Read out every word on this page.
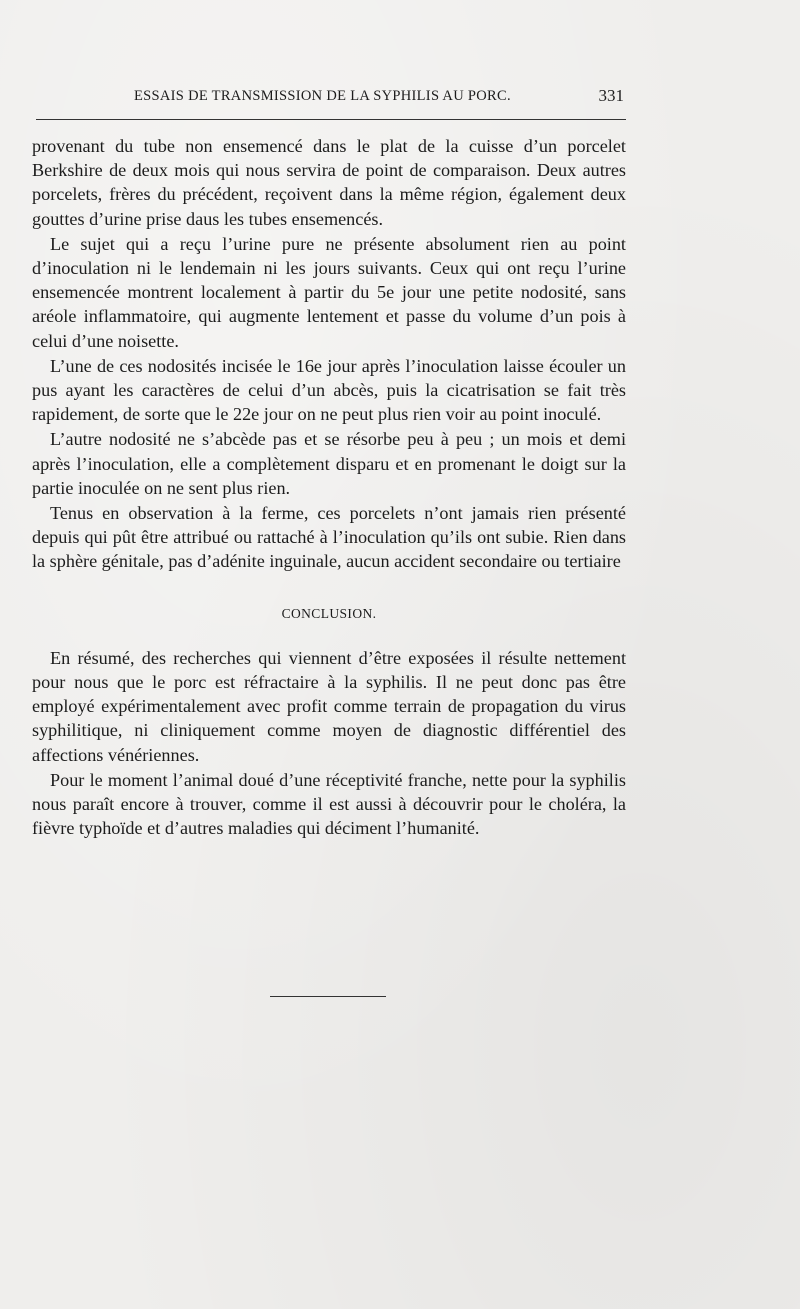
ESSAIS DE TRANSMISSION DE LA SYPHILIS AU PORC.	331

provenant du tube non ensemencé dans le plat de la cuisse d’un porcelet Berkshire de deux mois qui nous servira de point de comparaison. Deux autres porcelets, frères du précédent, reçoivent dans la même région, également deux gouttes d’urine prise daus les tubes ensemencés.

Le sujet qui a reçu l’urine pure ne présente absolument rien au point d’inoculation ni le lendemain ni les jours suivants. Ceux qui ont reçu l’urine ensemencée montrent localement à partir du 5e jour une petite nodosité, sans aréole inflammatoire, qui augmente lentement et passe du volume d’un pois à celui d’une noisette.

L’une de ces nodosités incisée le 16e jour après l’inoculation laisse écouler un pus ayant les caractères de celui d’un abcès, puis la cicatrisation se fait très rapidement, de sorte que le 22e jour on ne peut plus rien voir au point inoculé.

L’autre nodosité ne s’abcède pas et se résorbe peu à peu ; un mois et demi après l’inoculation, elle a complètement disparu et en promenant le doigt sur la partie inoculée on ne sent plus rien.

Tenus en observation à la ferme, ces porcelets n’ont jamais rien présenté depuis qui pût être attribué ou rattaché à l’inoculation qu’ils ont subie. Rien dans la sphère génitale, pas d’adénite inguinale, aucun accident secondaire ou tertiaire

CONCLUSION.

En résumé, des recherches qui viennent d’être exposées il résulte nettement pour nous que le porc est réfractaire à la syphilis. Il ne peut donc pas être employé expérimentalement avec profit comme terrain de propagation du virus syphilitique, ni cliniquement comme moyen de diagnostic différentiel des affections vénériennes.

Pour le moment l’animal doué d’une réceptivité franche, nette pour la syphilis nous paraît encore à trouver, comme il est aussi à découvrir pour le choléra, la fièvre typhoïde et d’autres maladies qui déciment l’humanité.
